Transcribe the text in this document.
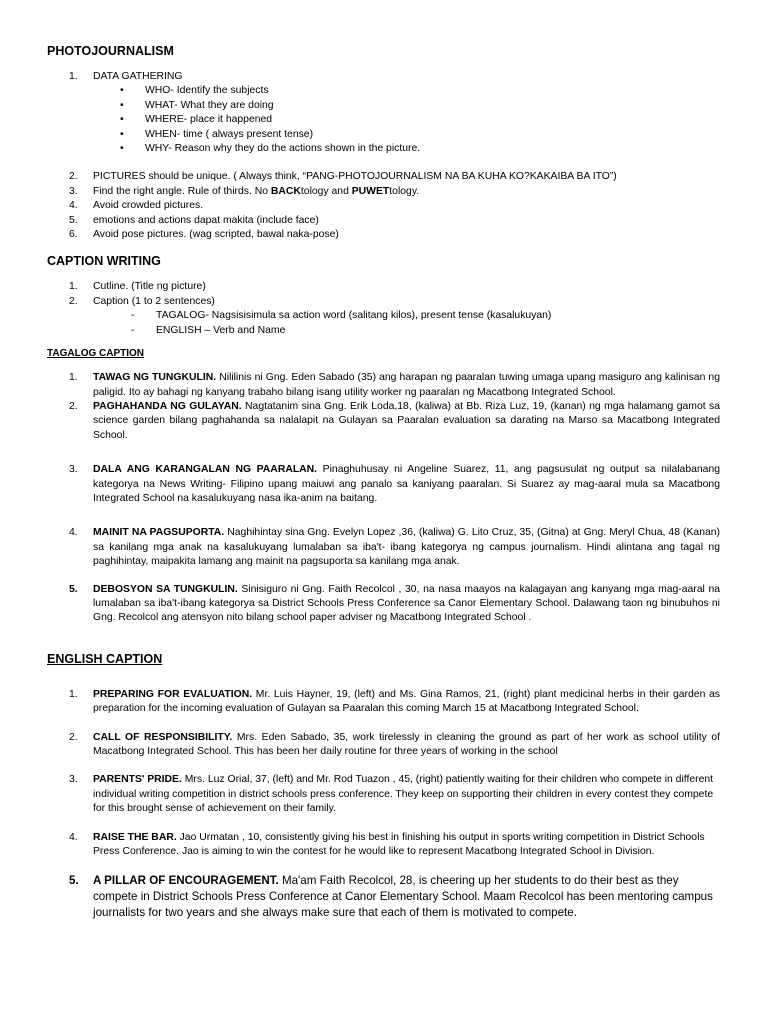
PHOTOJOURNALISM
1.	DATA GATHERING
•	WHO- Identify the subjects
•	WHAT- What they are doing
•	WHERE- place it happened
•	WHEN- time ( always present tense)
•	WHY- Reason why they do the actions shown in the picture.
2.	PICTURES should be unique. ( Always think, “PANG-PHOTOJOURNALISM NA BA KUHA KO?KAKAIBA BA ITO”)
3.	Find the right angle. Rule of thirds. No BACKtology and PUWETtology.
4.	Avoid crowded pictures.
5.	emotions and actions dapat makita (include face)
6.	Avoid pose pictures. (wag scripted, bawal naka-pose)
CAPTION WRITING
1.	Cutline. (Title ng picture)
2.	Caption (1 to 2 sentences)
-	TAGALOG- Nagsisisimula sa action word (salitang kilos), present tense (kasalukuyan)
-	ENGLISH – Verb and Name
TAGALOG CAPTION
1.	TAWAG NG TUNGKULIN. Nililinis ni Gng. Eden Sabado (35) ang harapan ng paaralan tuwing umaga upang masiguro ang kalinisan ng paligid. Ito ay bahagi ng kanyang trabaho bilang isang utility worker ng paaralan ng Macatbong Integrated School.
2.	PAGHAHANDA NG GULAYAN. Nagtatanim sina Gng. Erik Loda,18, (kaliwa) at Bb. Riza Luz, 19, (kanan) ng mga halamang gamot sa science garden bilang paghahanda sa nalalapit na Gulayan sa Paaralan evaluation sa darating na Marso sa Macatbong Integrated School.
3.	DALA ANG KARANGALAN NG PAARALAN. Pinaghuhusay ni Angeline Suarez, 11, ang pagsusulat ng output sa nilalabanang kategorya na News Writing- Filipino upang maiuwi ang panalo sa kaniyang paaralan. Si Suarez ay mag-aaral mula sa Macatbong Integrated School na kasalukuyang nasa ika-anim na baitang.
4.	MAINIT NA PAGSUPORTA. Naghihintay sina Gng. Evelyn Lopez ,36, (kaliwa) G. Lito Cruz, 35, (Gitna) at Gng. Meryl Chua, 48 (Kanan) sa kanilang mga anak na kasalukuyang lumalaban sa iba't- ibang kategorya ng campus journalism. Hindi alintana ang tagal ng paghihintay, maipakita lamang ang mainit na pagsuporta sa kanilang mga anak.
5.	DEBOSYON SA TUNGKULIN. Sinisiguro ni Gng. Faith Recolcol , 30, na nasa maayos na kalagayan ang kanyang mga mag-aaral na lumalaban sa iba't-ibang kategorya sa District Schools Press Conference sa Canor Elementary School. Dalawang taon ng binubuhos ni Gng. Recolcol ang atensyon nito bilang school paper adviser ng Macatbong Integrated School .
ENGLISH CAPTION
1.	PREPARING FOR EVALUATION. Mr. Luis Hayner, 19, (left) and Ms. Gina Ramos, 21, (right) plant medicinal herbs in their garden as preparation for the incoming evaluation of Gulayan sa Paaralan this coming March 15 at Macatbong Integrated School.
2.	CALL OF RESPONSIBILITY. Mrs. Eden Sabado, 35, work tirelessly in cleaning the ground as part of her work as school utility of Macatbong Integrated School. This has been her daily routine for three years of working in the school
3.	PARENTS' PRIDE. Mrs. Luz Orial, 37, (left) and Mr. Rod Tuazon , 45, (right) patiently waiting for their children who compete in different individual writing competition in district schools press conference. They keep on supporting their children in every contest they compete for this brought sense of achievement on their family.
4.	RAISE THE BAR. Jao Urmatan , 10, consistently giving his best in finishing his output in sports writing competition in District Schools Press Conference. Jao is aiming to win the contest for he would like to represent Macatbong Integrated School in Division.
5.	A PILLAR OF ENCOURAGEMENT. Ma'am Faith Recolcol, 28, is cheering up her students to do their best as they compete in District Schools Press Conference at Canor Elementary School. Maam Recolcol has been mentoring campus journalists for two years and she always make sure that each of them is motivated to compete.
